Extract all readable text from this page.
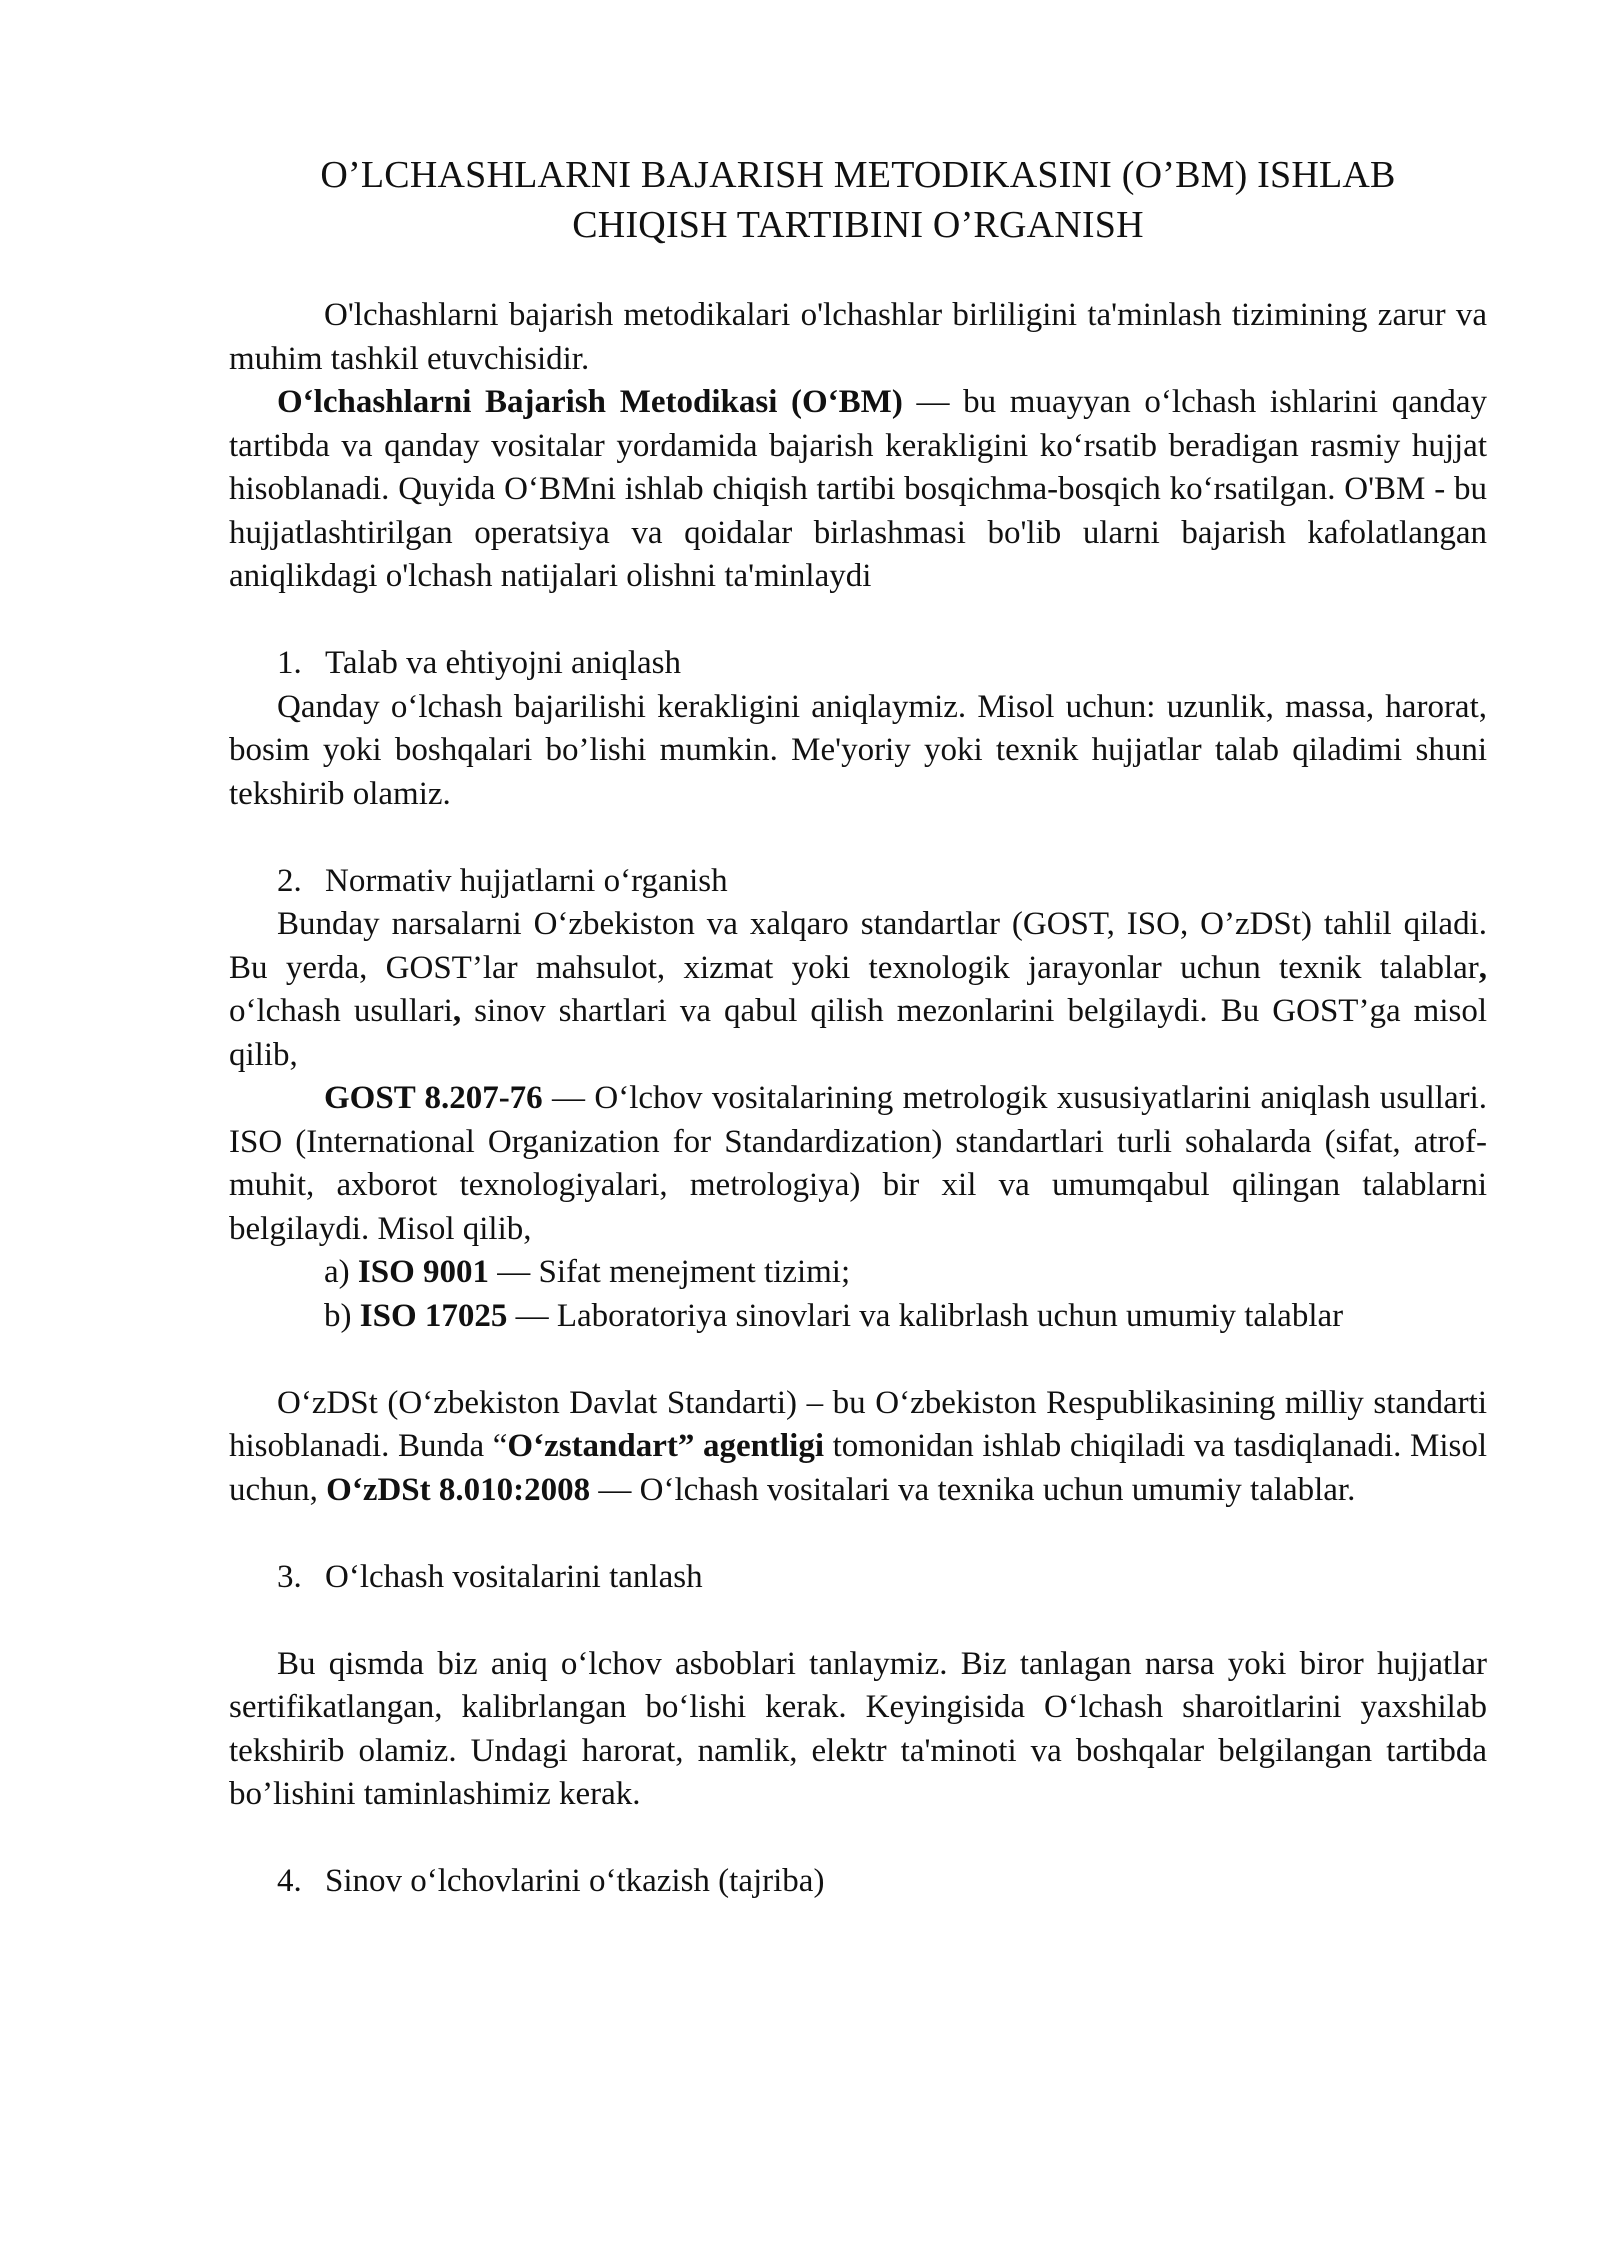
O’LCHASHLARNI BAJARISH METODIKASINI (O’BM) ISHLAB
CHIQISH TARTIBINI O’RGANISH

O'lchashlarni bajarish metodikalari o'lchashlar birliligini ta'minlash tizimining zarur va muhim tashkil etuvchisidir.

O‘lchashlarni Bajarish Metodikasi (O‘BM) — bu muayyan o‘lchash ishlarini qanday tartibda va qanday vositalar yordamida bajarish kerakligini ko‘rsatib beradigan rasmiy hujjat hisoblanadi. Quyida O‘BMni ishlab chiqish tartibi bosqichma-bosqich ko‘rsatilgan. O'BM - bu hujjatlashtirilgan operatsiya va qoidalar birlashmasi bo'lib ularni bajarish kafolatlangan aniqlikdagi o'lchash natijalari olishni ta'minlaydi

1. Talab va ehtiyojni aniqlash

Qanday o‘lchash bajarilishi kerakligini aniqlaymiz. Misol uchun: uzunlik, massa, harorat, bosim yoki boshqalari bo’lishi mumkin. Me'yoriy yoki texnik hujjatlar talab qiladimi shuni tekshirib olamiz.

2. Normativ hujjatlarni o‘rganish

Bunday narsalarni O‘zbekiston va xalqaro standartlar (GOST, ISO, O’zDSt) tahlil qiladi. Bu yerda, GOST’lar mahsulot, xizmat yoki texnologik jarayonlar uchun texnik talablar, o‘lchash usullari, sinov shartlari va qabul qilish mezonlarini belgilaydi. Bu GOST’ga misol qilib,

GOST 8.207-76 — O‘lchov vositalarining metrologik xususiyatlarini aniqlash usullari. ISO (International Organization for Standardization) standartlari turli sohalarda (sifat, atrof-muhit, axborot texnologiyalari, metrologiya) bir xil va umumqabul qilingan talablarni belgilaydi. Misol qilib,

a) ISO 9001 — Sifat menejment tizimi;

b) ISO 17025 — Laboratoriya sinovlari va kalibrlash uchun umumiy talablar

O‘zDSt (O‘zbekiston Davlat Standarti) – bu O‘zbekiston Respublikasining milliy standarti hisoblanadi. Bunda “O‘zstandart” agentligi tomonidan ishlab chiqiladi va tasdiqlanadi. Misol uchun, O‘zDSt 8.010:2008 — O‘lchash vositalari va texnika uchun umumiy talablar.

3. O‘lchash vositalarini tanlash

Bu qismda biz aniq o‘lchov asboblari tanlaymiz. Biz tanlagan narsa yoki biror hujjatlar sertifikatlangan, kalibrlangan bo‘lishi kerak. Keyingisida O‘lchash sharoitlarini yaxshilab tekshirib olamiz. Undagi harorat, namlik, elektr ta'minoti va boshqalar belgilangan tartibda bo’lishini taminlashimiz kerak.

4. Sinov o‘lchovlarini o‘tkazish (tajriba)
